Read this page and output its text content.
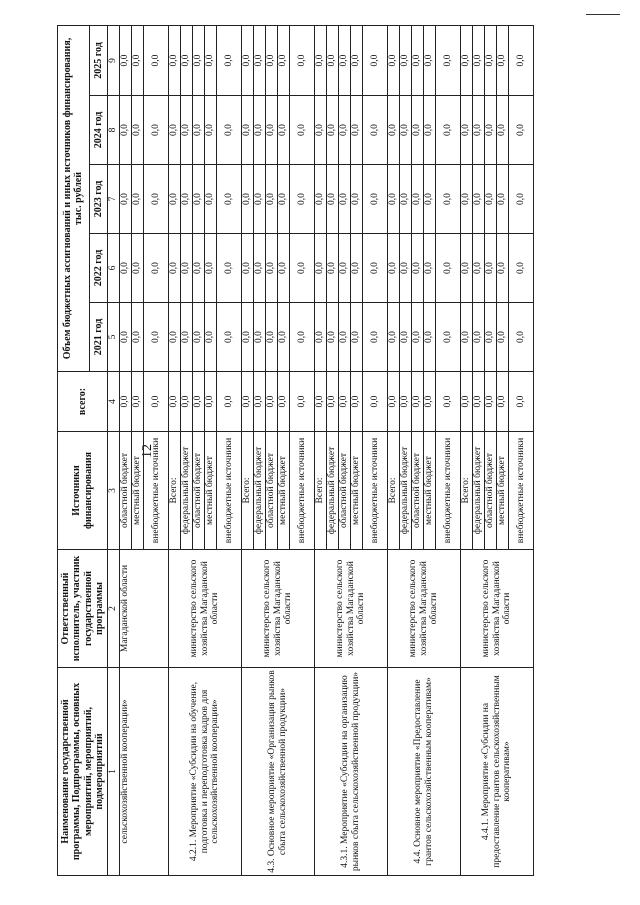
12
Наименование государственной программы, Подпрограммы, основных мероприятий, мероприятий, подмероприятий	Ответственный исполнитель, участник государственной программы	Источники финансирования	всего:	Объем бюджетных ассигнований и иных источников финансирования, тыс. рублей				
				2021 год	2022 год	2023 год	2024 год	2025 год
1	2	3	4	5	6	7	8	9
сельскохозяйственной кооперации»	Магаданской области	областной бюджет	0,0	0,0	0,0	0,0	0,0	0,0
		местный бюджет	0,0	0,0	0,0	0,0	0,0	0,0
		внебюджетные источники	0,0	0,0	0,0	0,0	0,0	0,0
4.2.1. Мероприятие «Субсидии на обучение, подготовка и переподготовка кадров для сельскохозяйственной кооперации»	министерство сельского хозяйства Магаданской области	Всего:	0,0	0,0	0,0	0,0	0,0	0,0
		федеральный бюджет	0,0	0,0	0,0	0,0	0,0	0,0
		областной бюджет	0,0	0,0	0,0	0,0	0,0	0,0
		местный бюджет	0,0	0,0	0,0	0,0	0,0	0,0
		внебюджетные источники	0,0	0,0	0,0	0,0	0,0	0,0
4.3. Основное мероприятие «Организация рынков сбыта сельскохозяйственной продукции»	министерство сельского хозяйства Магаданской области	Всего:	0,0	0,0	0,0	0,0	0,0	0,0
		федеральный бюджет	0,0	0,0	0,0	0,0	0,0	0,0
		областной бюджет	0,0	0,0	0,0	0,0	0,0	0,0
		местный бюджет	0,0	0,0	0,0	0,0	0,0	0,0
		внебюджетные источники	0,0	0,0	0,0	0,0	0,0	0,0
4.3.1. Мероприятие «Субсидии на организацию рынков сбыта сельскохозяйственной продукции»	министерство сельского хозяйства Магаданской области	Всего:	0,0	0,0	0,0	0,0	0,0	0,0
		федеральный бюджет	0,0	0,0	0,0	0,0	0,0	0,0
		областной бюджет	0,0	0,0	0,0	0,0	0,0	0,0
		местный бюджет	0,0	0,0	0,0	0,0	0,0	0,0
		внебюджетные источники	0,0	0,0	0,0	0,0	0,0	0,0
4.4. Основное мероприятие «Предоставление грантов сельскохозяйственным кооперативам»	министерство сельского хозяйства Магаданской области	Всего:	0,0	0,0	0,0	0,0	0,0	0,0
		федеральный бюджет	0,0	0,0	0,0	0,0	0,0	0,0
		областной бюджет	0,0	0,0	0,0	0,0	0,0	0,0
		местный бюджет	0,0	0,0	0,0	0,0	0,0	0,0
		внебюджетные источники	0,0	0,0	0,0	0,0	0,0	0,0
4.4.1. Мероприятие «Субсидии на предоставление грантов сельскохозяйственным кооперативам»	министерство сельского хозяйства Магаданской области	Всего:	0,0	0,0	0,0	0,0	0,0	0,0
		федеральный бюджет	0,0	0,0	0,0	0,0	0,0	0,0
		областной бюджет	0,0	0,0	0,0	0,0	0,0	0,0
		местный бюджет	0,0	0,0	0,0	0,0	0,0	0,0
		внебюджетные источники	0,0	0,0	0,0	0,0	0,0	0,0
